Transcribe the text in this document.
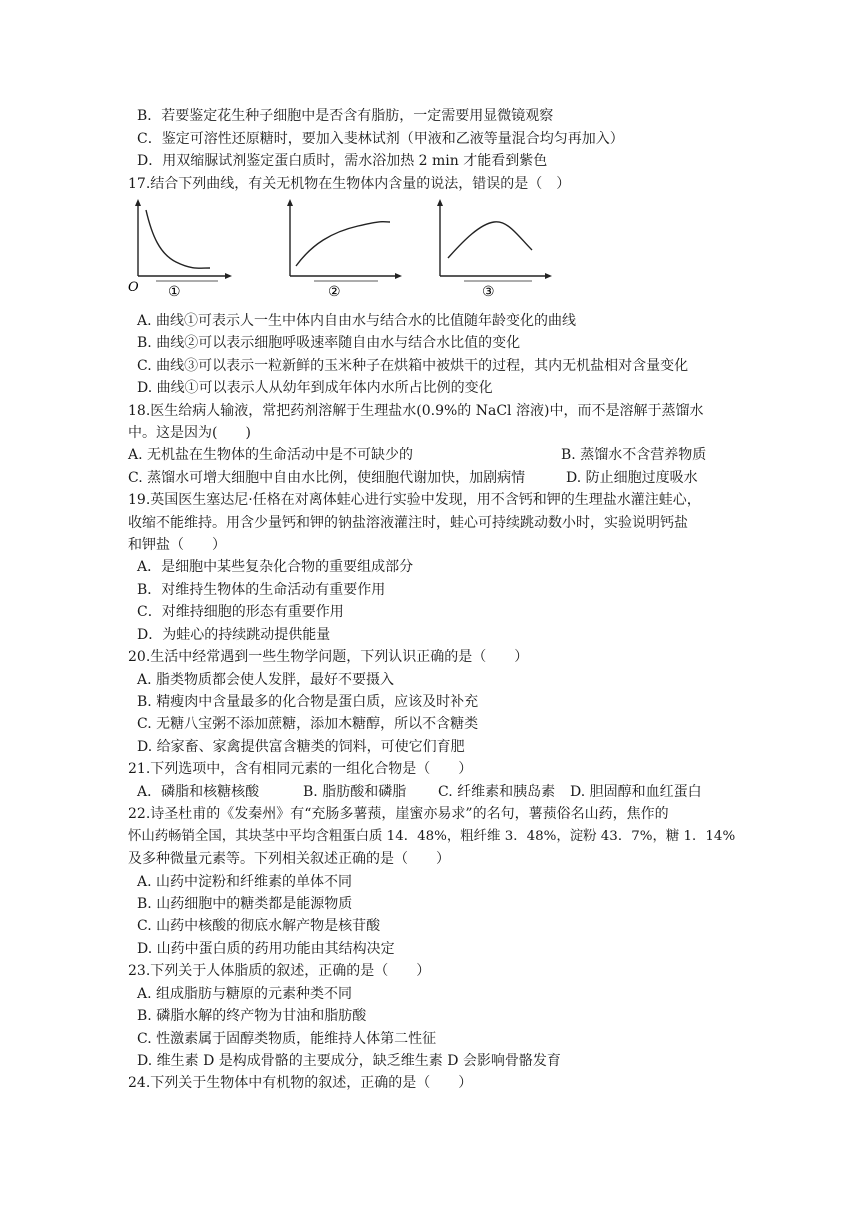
B．若要鉴定花生种子细胞中是否含有脂肪，一定需要用显微镜观察
C．鉴定可溶性还原糖时，要加入斐林试剂（甲液和乙液等量混合均匀再加入）
D．用双缩脲试剂鉴定蛋白质时，需水浴加热 2 min 才能看到紫色
17.结合下列曲线，有关无机物在生物体内含量的说法，错误的是（　）
O ①	②	③
A. 曲线①可表示人一生中体内自由水与结合水的比值随年龄变化的曲线
B. 曲线②可以表示细胞呼吸速率随自由水与结合水比值的变化
C. 曲线③可以表示一粒新鲜的玉米种子在烘箱中被烘干的过程，其内无机盐相对含量变化
D. 曲线①可以表示人从幼年到成年体内水所占比例的变化
18.医生给病人输液，常把药剂溶解于生理盐水(0.9%的 NaCl 溶液)中，而不是溶解于蒸馏水
中。这是因为(　　)
A. 无机盐在生物体的生命活动中是不可缺少的	B. 蒸馏水不含营养物质
C. 蒸馏水可增大细胞中自由水比例，使细胞代谢加快，加剧病情	D. 防止细胞过度吸水
19.英国医生塞达尼·任格在对离体蛙心进行实验中发现，用不含钙和钾的生理盐水灌注蛙心，
收缩不能维持。用含少量钙和钾的钠盐溶液灌注时，蛙心可持续跳动数小时，实验说明钙盐
和钾盐（　　）
A．是细胞中某些复杂化合物的重要组成部分
B．对维持生物体的生命活动有重要作用
C．对维持细胞的形态有重要作用
D．为蛙心的持续跳动提供能量
20.生活中经常遇到一些生物学问题，下列认识正确的是（　　）
A. 脂类物质都会使人发胖，最好不要摄入
B. 精瘦肉中含量最多的化合物是蛋白质，应该及时补充
C. 无糖八宝粥不添加蔗糖，添加木糖醇，所以不含糖类
D. 给家畜、家禽提供富含糖类的饲料，可使它们育肥
21.下列选项中，含有相同元素的一组化合物是（　　）
A．磷脂和核糖核酸	B. 脂肪酸和磷脂 C. 纤维素和胰岛素 D. 胆固醇和血红蛋白
22.诗圣杜甫的《发秦州》有“充肠多薯蓣，崖蜜亦易求”的名句，薯蓣俗名山药，焦作的
怀山药畅销全国，其块茎中平均含粗蛋白质 14．48%，粗纤维 3．48%，淀粉 43．7%，糖 1．14%
及多种微量元素等。下列相关叙述正确的是（　　）
A. 山药中淀粉和纤维素的单体不同
B. 山药细胞中的糖类都是能源物质
C. 山药中核酸的彻底水解产物是核苷酸
D. 山药中蛋白质的药用功能由其结构决定
23.下列关于人体脂质的叙述，正确的是（　　）
A. 组成脂肪与糖原的元素种类不同
B. 磷脂水解的终产物为甘油和脂肪酸
C. 性激素属于固醇类物质，能维持人体第二性征
D. 维生素 D 是构成骨骼的主要成分，缺乏维生素 D 会影响骨骼发育
24.下列关于生物体中有机物的叙述，正确的是（　　）
